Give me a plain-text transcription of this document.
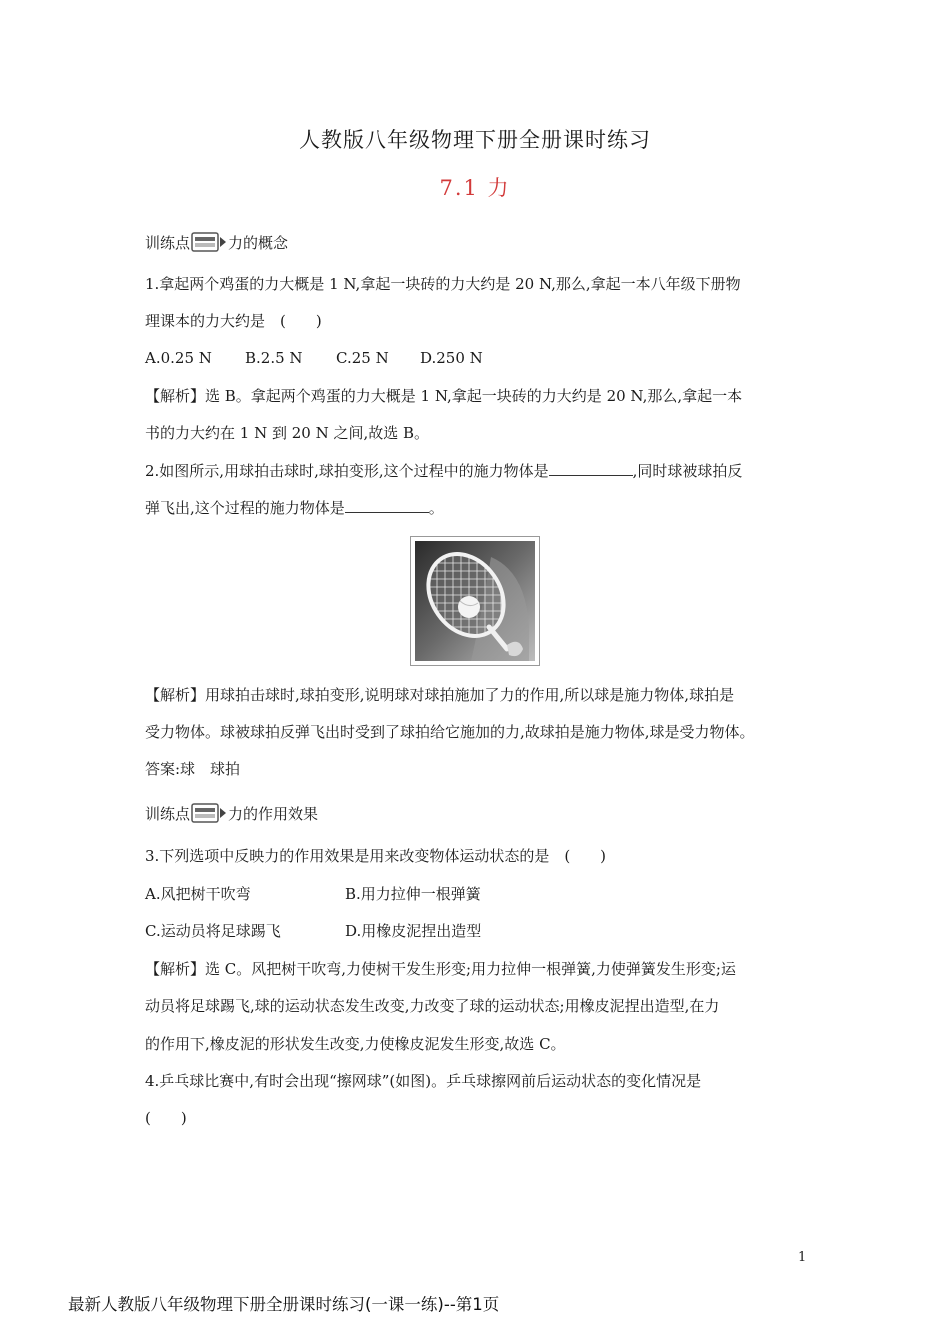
人教版八年级物理下册全册课时练习
7.1 力
训练点	力的概念
1.拿起两个鸡蛋的力大概是 1 N,拿起一块砖的力大约是 20 N,那么,拿起一本八年级下册物
理课本的力大约是　(　　)
A.0.25 N B.2.5 N C.25 N D.250 N
【解析】选 B。拿起两个鸡蛋的力大概是 1 N,拿起一块砖的力大约是 20 N,那么,拿起一本
书的力大约在 1 N 到 20 N 之间,故选 B。
2.如图所示,用球拍击球时,球拍变形,这个过程中的施力物体是	,同时球被球拍反
弹飞出,这个过程的施力物体是	。
【解析】用球拍击球时,球拍变形,说明球对球拍施加了力的作用,所以球是施力物体,球拍是
受力物体。球被球拍反弹飞出时受到了球拍给它施加的力,故球拍是施力物体,球是受力物体。
答案:球　球拍
训练点	力的作用效果
3.下列选项中反映力的作用效果是用来改变物体运动状态的是　(　　)
A.风把树干吹弯	B.用力拉伸一根弹簧
C.运动员将足球踢飞	D.用橡皮泥捏出造型
【解析】选 C。风把树干吹弯,力使树干发生形变;用力拉伸一根弹簧,力使弹簧发生形变;运
动员将足球踢飞,球的运动状态发生改变,力改变了球的运动状态;用橡皮泥捏出造型,在力
的作用下,橡皮泥的形状发生改变,力使橡皮泥发生形变,故选 C。
4.乒乓球比赛中,有时会出现“擦网球”(如图)。乒乓球擦网前后运动状态的变化情况是
(　　)
1
最新人教版八年级物理下册全册课时练习(一课一练)--第1页
